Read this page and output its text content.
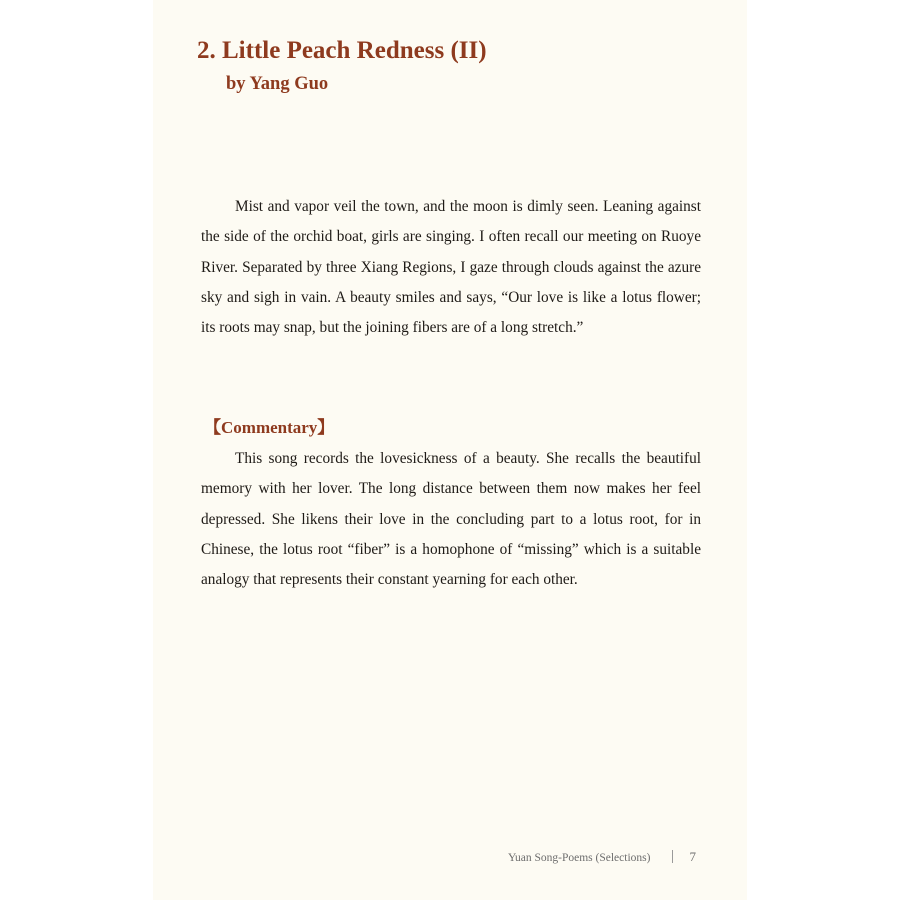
2. Little Peach Redness (II)
by Yang Guo

Mist and vapor veil the town, and the moon is dimly seen. Leaning against the side of the orchid boat, girls are singing. I often recall our meeting on Ruoye River. Separated by three Xiang Regions, I gaze through clouds against the azure sky and sigh in vain. A beauty smiles and says, “Our love is like a lotus flower; its roots may snap, but the joining fibers are of a long stretch.”

【Commentary】

This song records the lovesickness of a beauty. She recalls the beautiful memory with her lover. The long distance between them now makes her feel depressed. She likens their love in the concluding part to a lotus root, for in Chinese, the lotus root “fiber” is a homophone of “missing” which is a suitable analogy that represents their constant yearning for each other.

Yuan Song-Poems (Selections)	7
